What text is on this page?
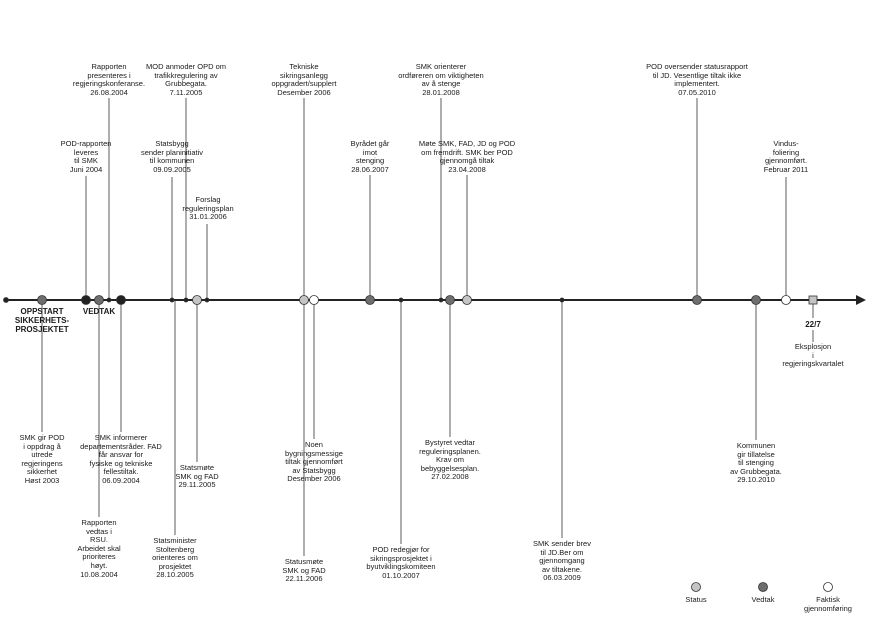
OPPSTART
SIKKERHETS-
PROSJEKTET
VEDTAK
22/7
Eksplosjon
i
regjeringskvartalet
Rapporten
presenteres i
regjeringskonferanse.
26.08.2004
POD-rapporten
leveres
til SMK
Juni 2004
MOD anmoder OPD om
trafikkregulering av
Grubbegata.
7.11.2005
Statsbygg
sender planinitiativ
til kommunen
09.09.2005
Forslag
reguleringsplan
31.01.2006
Tekniske
sikringsanlegg
oppgradert/supplert
Desember 2006
Byrådet går
imot
stenging
28.06.2007
SMK orienterer
ordføreren om viktigheten
av å stenge
28.01.2008
Møte SMK, FAD, JD og POD
om fremdrift. SMK ber POD
gjennomgå tiltak
23.04.2008
POD oversender statusrapport
til JD. Vesentlige tiltak ikke
implementert.
07.05.2010
Vindus-
foliering
gjennomført.
Februar 2011
SMK gir POD
i oppdrag å
utrede
regjeringens
sikkerhet
Høst 2003
SMK informerer
departementsråder. FAD
får ansvar for
fysiske og tekniske
fellestiltak.
06.09.2004
Rapporten
vedtas i
RSU.
Arbeidet skal
prioriteres
høyt.
10.08.2004
Statsmøte
SMK og FAD
29.11.2005
Statsminister
Stoltenberg
orienteres om
prosjektet
28.10.2005
Noen
bygningsmessige
tiltak gjennomført
av Statsbygg
Desember 2006
Statusmøte
SMK og FAD
22.11.2006
POD redegjør for
sikringsprosjektet i
byutviklingskomiteen
01.10.2007
Bystyret vedtar
reguleringsplanen.
Krav om
bebyggelsesplan.
27.02.2008
SMK sender brev
til JD.Ber om
gjennomgang
av tiltakene.
06.03.2009
Kommunen
gir tillatelse
til stenging
av Grubbegata.
29.10.2010
Status	Vedtak	Faktisk
gjennomføring
